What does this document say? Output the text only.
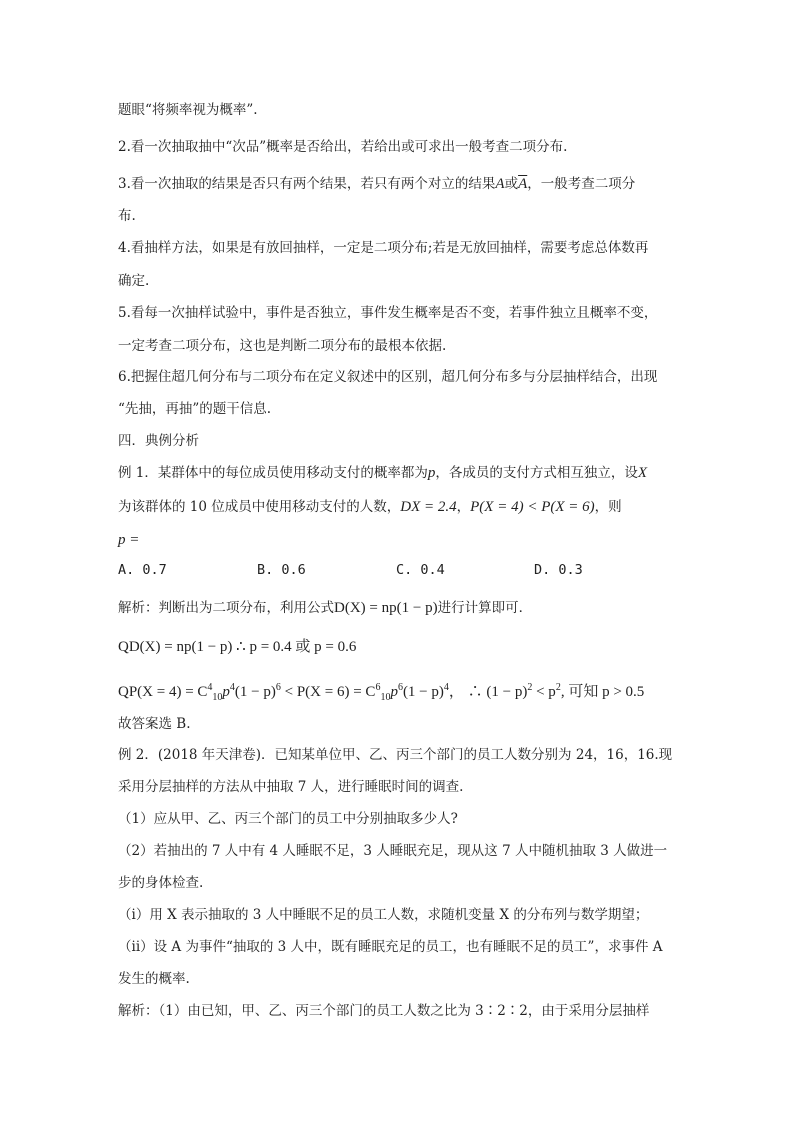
题眼“将频率视为概率”.
2.看一次抽取抽中“次品”概率是否给出，若给出或可求出一般考查二项分布.
3.看一次抽取的结果是否只有两个结果，若只有两个对立的结果A或$\overline{A}$，一般考查二项分
布.
4.看抽样方法，如果是有放回抽样，一定是二项分布;若是无放回抽样，需要考虑总体数再
确定.
5.看每一次抽样试验中，事件是否独立，事件发生概率是否不变，若事件独立且概率不变，
一定考查二项分布，这也是判断二项分布的最根本依据.
6.把握住超几何分布与二项分布在定义叙述中的区别，超几何分布多与分层抽样结合，出现
“先抽，再抽”的题干信息.
四．典例分析
例 1．某群体中的每位成员使用移动支付的概率都为p，各成员的支付方式相互独立，设X
为该群体的 10 位成员中使用移动支付的人数，DX = 2.4，P(X = 4) < P(X = 6)，则
p =
A. 0.7	B. 0.6	C. 0.4	D. 0.3
解析：判断出为二项分布，利用公式D(X) = np(1 − p)进行计算即可．
QD(X) = np(1 − p) ∴ p = 0.4 或 p = 0.6
$QP(X = 4) = C^4_{10}p^4(1 - p)^6 < P(X = 6) = C^6_{10}p^6(1 - p)^4$， ∴ $(1 - p)^2 < p^2$, 可知 p > 0.5
故答案选 B.
例 2．(2018 年天津卷)．已知某单位甲、乙、丙三个部门的员工人数分别为 24，16，16.现
采用分层抽样的方法从中抽取 7 人，进行睡眠时间的调查.
（1）应从甲、乙、丙三个部门的员工中分别抽取多少人?
（2）若抽出的 7 人中有 4 人睡眠不足，3 人睡眠充足，现从这 7 人中随机抽取 3 人做进一
步的身体检查.
（i）用 X 表示抽取的 3 人中睡眠不足的员工人数，求随机变量 X 的分布列与数学期望；
（ii）设 A 为事件“抽取的 3 人中，既有睡眠充足的员工，也有睡眠不足的员工”，求事件 A
发生的概率.
解析：（1）由已知，甲、乙、丙三个部门的员工人数之比为 3∶2∶2，由于采用分层抽样
